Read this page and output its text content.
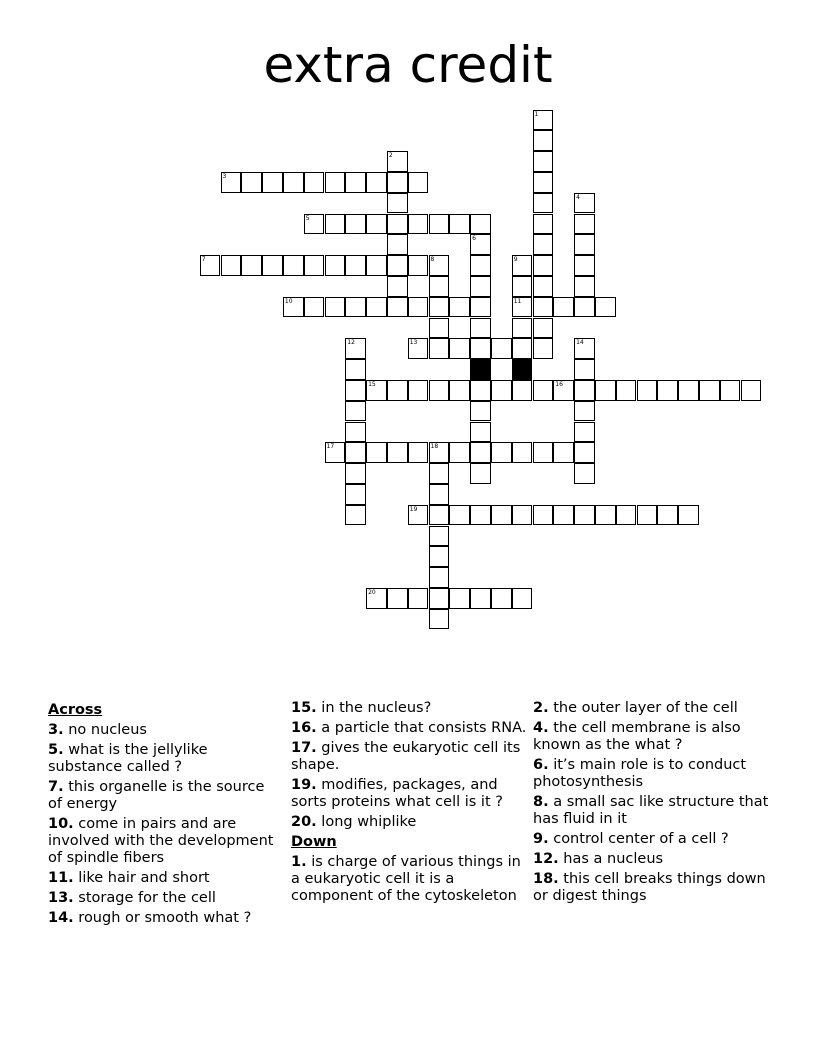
extra credit
1
2
3
4
5
6
7	8	9
11
10
12	13	14
15	16
17	18
19
20
Across
3. no nucleus
5. what is the jellylike substance called ?
7. this organelle is the source of energy
10. come in pairs and are involved with the development of spindle fibers
11. like hair and short
13. storage for the cell
14. rough or smooth what ?
15. in the nucleus?
16. a particle that consists RNA.
17. gives the eukaryotic cell its shape.
19. modifies, packages, and sorts proteins what cell is it ?
20. long whiplike
Down
1. is charge of various things in a eukaryotic cell it is a component of the cytoskeleton
2. the outer layer of the cell
4. the cell membrane is also known as the what ?
6. it’s main role is to conduct photosynthesis
8. a small sac like structure that has fluid in it
9. control center of a cell ?
12. has a nucleus
18. this cell breaks things down or digest things
